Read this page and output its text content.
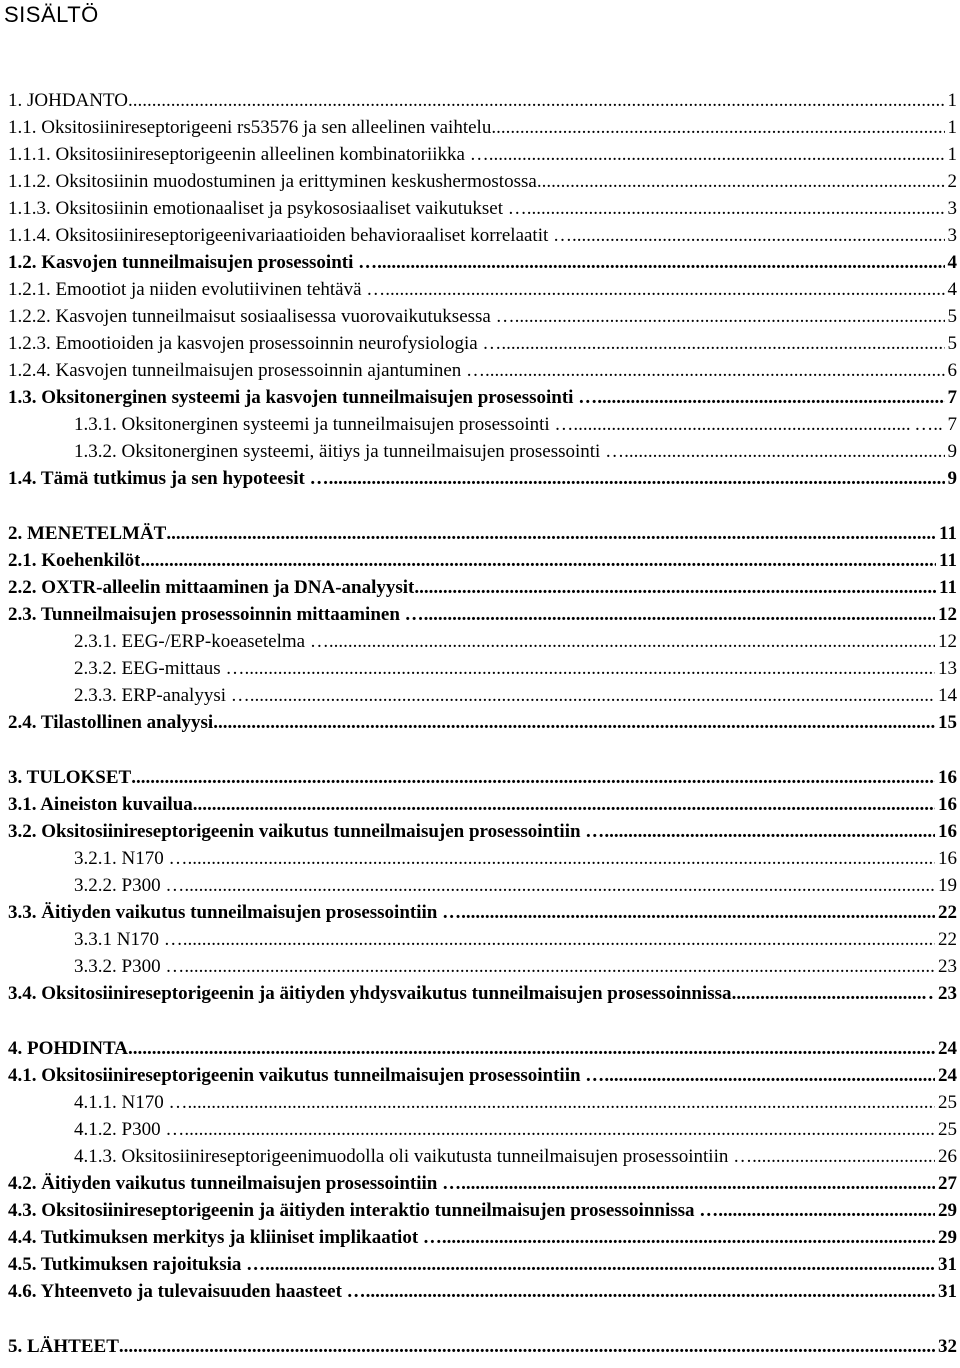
SISÄLTÖ
1. JOHDANTO .....	1
1.1. Oksitosiinireseptorigeeni rs53576 ja sen alleelinen vaihtelu .....	1
1.1.1. Oksitosiinireseptorigeenin alleelinen kombinatoriikka … .....	1
1.1.2. Oksitosiinin muodostuminen ja erittyminen keskushermostossa .....	2
1.1.3. Oksitosiinin emotionaaliset ja psykososiaaliset vaikutukset … .....	3
1.1.4. Oksitosiinireseptorigeenivariaatioiden behavioraaliset korrelaatit … .....	3
1.2. Kasvojen tunneilmaisujen prosessointi … .....	4
1.2.1. Emootiot ja niiden evolutiivinen tehtävä … .....	4
1.2.2. Kasvojen tunneilmaisut sosiaalisessa vuorovaikutuksessa … .....	5
1.2.3. Emootioiden ja kasvojen prosessoinnin neurofysiologia … .....	5
1.2.4. Kasvojen tunneilmaisujen prosessoinnin ajantuminen … .....	6
1.3. Oksitonerginen systeemi ja kasvojen tunneilmaisujen prosessointi … .....	7
1.3.1. Oksitonerginen systeemi ja tunneilmaisujen prosessointi … .....	….. 7
1.3.2. Oksitonerginen systeemi, äitiys ja tunneilmaisujen prosessointi … .....	9
1.4. Tämä tutkimus ja sen hypoteesit … .....	9
2. MENETELMÄT .....	11
2.1. Koehenkilöt .....	11
2.2. OXTR-alleelin mittaaminen ja DNA-analyysit .....	11
2.3. Tunneilmaisujen prosessoinnin mittaaminen … .....	12
2.3.1. EEG-/ERP-koeasetelma … .....	12
2.3.2. EEG-mittaus … .....	13
2.3.3. ERP-analyysi … .....	14
2.4. Tilastollinen analyysi .....	15
3. TULOKSET .....	16
3.1. Aineiston kuvailua .....	16
3.2. Oksitosiinireseptorigeenin vaikutus tunneilmaisujen prosessointiin … .....	16
3.2.1. N170 … .....	16
3.2.2. P300 … .....	19
3.3. Äitiyden vaikutus tunneilmaisujen prosessointiin … .....	22
3.3.1 N170 … .....	22
3.3.2. P300 … .....	23
3.4. Oksitosiinireseptorigeenin ja äitiyden yhdysvaikutus tunneilmaisujen prosessoinnissa .....	. 23
4. POHDINTA .....	24
4.1. Oksitosiinireseptorigeenin vaikutus tunneilmaisujen prosessointiin … .....	24
4.1.1. N170 … .....	25
4.1.2. P300 … .....	25
4.1.3. Oksitosiinireseptorigeenimuodolla oli vaikutusta tunneilmaisujen prosessointiin … .....	26
4.2. Äitiyden vaikutus tunneilmaisujen prosessointiin … .....	27
4.3. Oksitosiinireseptorigeenin ja äitiyden interaktio tunneilmaisujen prosessoinnissa … .....	29
4.4. Tutkimuksen merkitys ja kliiniset implikaatiot … .....	29
4.5. Tutkimuksen rajoituksia … .....	31
4.6. Yhteenveto ja tulevaisuuden haasteet … .....	31
5. LÄHTEET .....	32
